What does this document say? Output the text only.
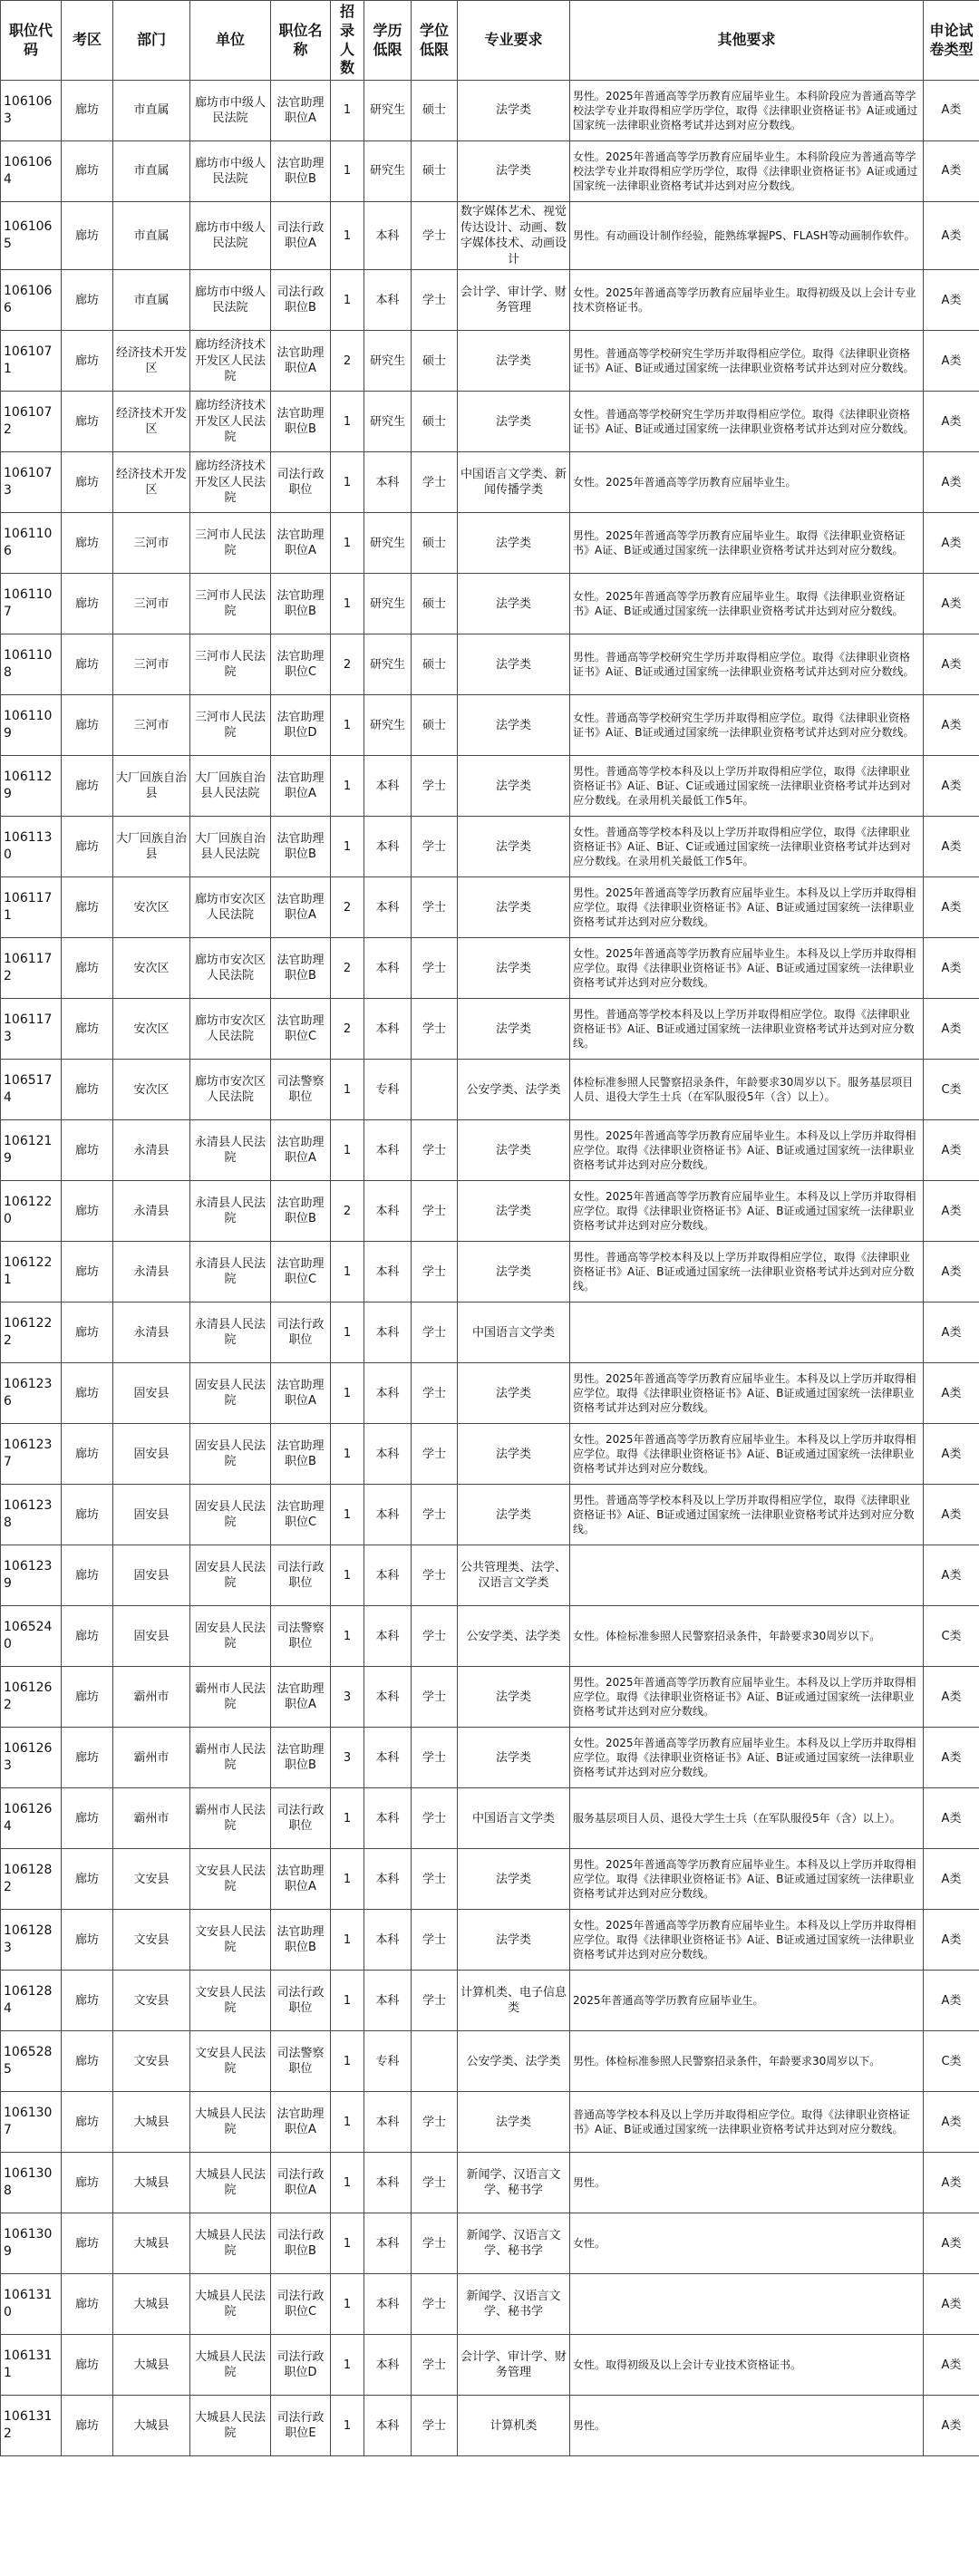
职位代码	考区	部门	单位	职位名称	招录人数	学历低限	学位低限	专业要求	其他要求	申论试卷类型
1061063	廊坊	市直属	廊坊市中级人民法院	法官助理职位A	1	研究生	硕士	法学类	男性。2025年普通高等学历教育应届毕业生。本科阶段应为普通高等学校法学专业并取得相应学历学位，取得《法律职业资格证书》A证或通过国家统一法律职业资格考试并达到对应分数线。	A类
1061064	廊坊	市直属	廊坊市中级人民法院	法官助理职位B	1	研究生	硕士	法学类	女性。2025年普通高等学历教育应届毕业生。本科阶段应为普通高等学校法学专业并取得相应学历学位，取得《法律职业资格证书》A证或通过国家统一法律职业资格考试并达到对应分数线。	A类
1061065	廊坊	市直属	廊坊市中级人民法院	司法行政职位A	1	本科	学士	数字媒体艺术、视觉传达设计、动画、数字媒体技术、动画设计	男性。有动画设计制作经验，能熟练掌握PS、FLASH等动画制作软件。	A类
1061066	廊坊	市直属	廊坊市中级人民法院	司法行政职位B	1	本科	学士	会计学、审计学、财务管理	女性。2025年普通高等学历教育应届毕业生。取得初级及以上会计专业技术资格证书。	A类
1061071	廊坊	经济技术开发区	廊坊经济技术开发区人民法院	法官助理职位A	2	研究生	硕士	法学类	男性。普通高等学校研究生学历并取得相应学位。取得《法律职业资格证书》A证、B证或通过国家统一法律职业资格考试并达到对应分数线。	A类
1061072	廊坊	经济技术开发区	廊坊经济技术开发区人民法院	法官助理职位B	1	研究生	硕士	法学类	女性。普通高等学校研究生学历并取得相应学位。取得《法律职业资格证书》A证、B证或通过国家统一法律职业资格考试并达到对应分数线。	A类
1061073	廊坊	经济技术开发区	廊坊经济技术开发区人民法院	司法行政职位	1	本科	学士	中国语言文学类、新闻传播学类	女性。2025年普通高等学历教育应届毕业生。	A类
1061106	廊坊	三河市	三河市人民法院	法官助理职位A	1	研究生	硕士	法学类	男性。2025年普通高等学历教育应届毕业生。取得《法律职业资格证书》A证、B证或通过国家统一法律职业资格考试并达到对应分数线。	A类
1061107	廊坊	三河市	三河市人民法院	法官助理职位B	1	研究生	硕士	法学类	女性。2025年普通高等学历教育应届毕业生。取得《法律职业资格证书》A证、B证或通过国家统一法律职业资格考试并达到对应分数线。	A类
1061108	廊坊	三河市	三河市人民法院	法官助理职位C	2	研究生	硕士	法学类	男性。普通高等学校研究生学历并取得相应学位。取得《法律职业资格证书》A证、B证或通过国家统一法律职业资格考试并达到对应分数线。	A类
1061109	廊坊	三河市	三河市人民法院	法官助理职位D	1	研究生	硕士	法学类	女性。普通高等学校研究生学历并取得相应学位。取得《法律职业资格证书》A证、B证或通过国家统一法律职业资格考试并达到对应分数线。	A类
1061129	廊坊	大厂回族自治县	大厂回族自治县人民法院	法官助理职位A	1	本科	学士	法学类	男性。普通高等学校本科及以上学历并取得相应学位，取得《法律职业资格证书》A证、B证、C证或通过国家统一法律职业资格考试并达到对应分数线。在录用机关最低工作5年。	A类
1061130	廊坊	大厂回族自治县	大厂回族自治县人民法院	法官助理职位B	1	本科	学士	法学类	女性。普通高等学校本科及以上学历并取得相应学位，取得《法律职业资格证书》A证、B证、C证或通过国家统一法律职业资格考试并达到对应分数线。在录用机关最低工作5年。	A类
1061171	廊坊	安次区	廊坊市安次区人民法院	法官助理职位A	2	本科	学士	法学类	男性。2025年普通高等学历教育应届毕业生。本科及以上学历并取得相应学位。取得《法律职业资格证书》A证、B证或通过国家统一法律职业资格考试并达到对应分数线。	A类
1061172	廊坊	安次区	廊坊市安次区人民法院	法官助理职位B	2	本科	学士	法学类	女性。2025年普通高等学历教育应届毕业生。本科及以上学历并取得相应学位。取得《法律职业资格证书》A证、B证或通过国家统一法律职业资格考试并达到对应分数线。	A类
1061173	廊坊	安次区	廊坊市安次区人民法院	法官助理职位C	2	本科	学士	法学类	男性。普通高等学校本科及以上学历并取得相应学位。取得《法律职业资格证书》A证、B证或通过国家统一法律职业资格考试并达到对应分数线。	A类
1065174	廊坊	安次区	廊坊市安次区人民法院	司法警察职位	1	专科		公安学类、法学类	体检标准参照人民警察招录条件，年龄要求30周岁以下。服务基层项目人员、退役大学生士兵（在军队服役5年（含）以上）。	C类
1061219	廊坊	永清县	永清县人民法院	法官助理职位A	1	本科	学士	法学类	男性。2025年普通高等学历教育应届毕业生。本科及以上学历并取得相应学位。取得《法律职业资格证书》A证、B证或通过国家统一法律职业资格考试并达到对应分数线。	A类
1061220	廊坊	永清县	永清县人民法院	法官助理职位B	2	本科	学士	法学类	女性。2025年普通高等学历教育应届毕业生。本科及以上学历并取得相应学位。取得《法律职业资格证书》A证、B证或通过国家统一法律职业资格考试并达到对应分数线。	A类
1061221	廊坊	永清县	永清县人民法院	法官助理职位C	1	本科	学士	法学类	男性。普通高等学校本科及以上学历并取得相应学位，取得《法律职业资格证书》A证、B证或通过国家统一法律职业资格考试并达到对应分数线。	A类
1061222	廊坊	永清县	永清县人民法院	司法行政职位	1	本科	学士	中国语言文学类		A类
1061236	廊坊	固安县	固安县人民法院	法官助理职位A	1	本科	学士	法学类	男性。2025年普通高等学历教育应届毕业生。本科及以上学历并取得相应学位。取得《法律职业资格证书》A证、B证或通过国家统一法律职业资格考试并达到对应分数线。	A类
1061237	廊坊	固安县	固安县人民法院	法官助理职位B	1	本科	学士	法学类	女性。2025年普通高等学历教育应届毕业生。本科及以上学历并取得相应学位。取得《法律职业资格证书》A证、B证或通过国家统一法律职业资格考试并达到对应分数线。	A类
1061238	廊坊	固安县	固安县人民法院	法官助理职位C	1	本科	学士	法学类	男性。普通高等学校本科及以上学历并取得相应学位，取得《法律职业资格证书》A证、B证或通过国家统一法律职业资格考试并达到对应分数线。	A类
1061239	廊坊	固安县	固安县人民法院	司法行政职位	1	本科	学士	公共管理类、法学、汉语言文学类		A类
1065240	廊坊	固安县	固安县人民法院	司法警察职位	1	本科	学士	公安学类、法学类	女性。体检标准参照人民警察招录条件，年龄要求30周岁以下。	C类
1061262	廊坊	霸州市	霸州市人民法院	法官助理职位A	3	本科	学士	法学类	男性。2025年普通高等学历教育应届毕业生。本科及以上学历并取得相应学位。取得《法律职业资格证书》A证、B证或通过国家统一法律职业资格考试并达到对应分数线。	A类
1061263	廊坊	霸州市	霸州市人民法院	法官助理职位B	3	本科	学士	法学类	女性。2025年普通高等学历教育应届毕业生。本科及以上学历并取得相应学位。取得《法律职业资格证书》A证、B证或通过国家统一法律职业资格考试并达到对应分数线。	A类
1061264	廊坊	霸州市	霸州市人民法院	司法行政职位	1	本科	学士	中国语言文学类	服务基层项目人员、退役大学生士兵（在军队服役5年（含）以上）。	A类
1061282	廊坊	文安县	文安县人民法院	法官助理职位A	1	本科	学士	法学类	男性。2025年普通高等学历教育应届毕业生。本科及以上学历并取得相应学位。取得《法律职业资格证书》A证、B证或通过国家统一法律职业资格考试并达到对应分数线。	A类
1061283	廊坊	文安县	文安县人民法院	法官助理职位B	1	本科	学士	法学类	女性。2025年普通高等学历教育应届毕业生。本科及以上学历并取得相应学位。取得《法律职业资格证书》A证、B证或通过国家统一法律职业资格考试并达到对应分数线。	A类
1061284	廊坊	文安县	文安县人民法院	司法行政职位	1	本科	学士	计算机类、电子信息类	2025年普通高等学历教育应届毕业生。	A类
1065285	廊坊	文安县	文安县人民法院	司法警察职位	1	专科		公安学类、法学类	男性。体检标准参照人民警察招录条件，年龄要求30周岁以下。	C类
1061307	廊坊	大城县	大城县人民法院	法官助理职位A	1	本科	学士	法学类	普通高等学校本科及以上学历并取得相应学位。取得《法律职业资格证书》A证、B证或通过国家统一法律职业资格考试并达到对应分数线。	A类
1061308	廊坊	大城县	大城县人民法院	司法行政职位A	1	本科	学士	新闻学、汉语言文学、秘书学	男性。	A类
1061309	廊坊	大城县	大城县人民法院	司法行政职位B	1	本科	学士	新闻学、汉语言文学、秘书学	女性。	A类
1061310	廊坊	大城县	大城县人民法院	司法行政职位C	1	本科	学士	新闻学、汉语言文学、秘书学		A类
1061311	廊坊	大城县	大城县人民法院	司法行政职位D	1	本科	学士	会计学、审计学、财务管理	女性。取得初级及以上会计专业技术资格证书。	A类
1061312	廊坊	大城县	大城县人民法院	司法行政职位E	1	本科	学士	计算机类	男性。	A类
